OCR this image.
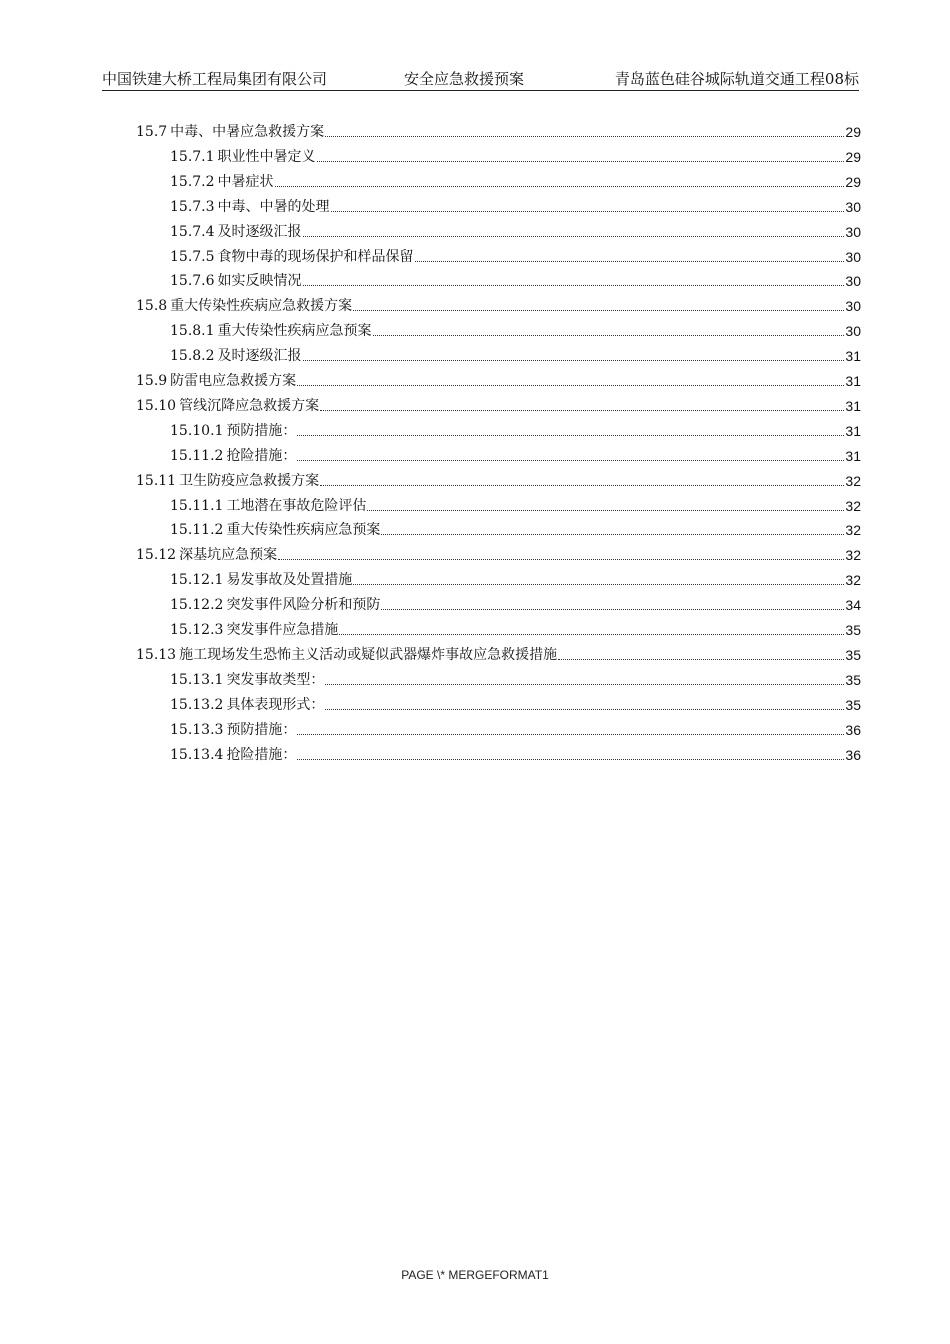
中国铁建大桥工程局集团有限公司	安全应急救援预案	青岛蓝色硅谷城际轨道交通工程08标
15.7 中毒、中暑应急救援方案	29
15.7.1 职业性中暑定义	29
15.7.2 中暑症状	29
15.7.3 中毒、中暑的处理	30
15.7.4 及时逐级汇报	30
15.7.5 食物中毒的现场保护和样品保留	30
15.7.6 如实反映情况	30
15.8 重大传染性疾病应急救援方案	30
15.8.1 重大传染性疾病应急预案	30
15.8.2 及时逐级汇报	31
15.9 防雷电应急救援方案	31
15.10 管线沉降应急救援方案	31
15.10.1 预防措施：	31
15.11.2 抢险措施：	31
15.11 卫生防疫应急救援方案	32
15.11.1 工地潜在事故危险评估	32
15.11.2 重大传染性疾病应急预案	32
15.12 深基坑应急预案	32
15.12.1 易发事故及处置措施	32
15.12.2 突发事件风险分析和预防	34
15.12.3 突发事件应急措施	35
15.13 施工现场发生恐怖主义活动或疑似武器爆炸事故应急救援措施	35
15.13.1 突发事故类型：	35
15.13.2 具体表现形式：	35
15.13.3 预防措施：	36
15.13.4 抢险措施：	36
PAGE \* MERGEFORMAT1
